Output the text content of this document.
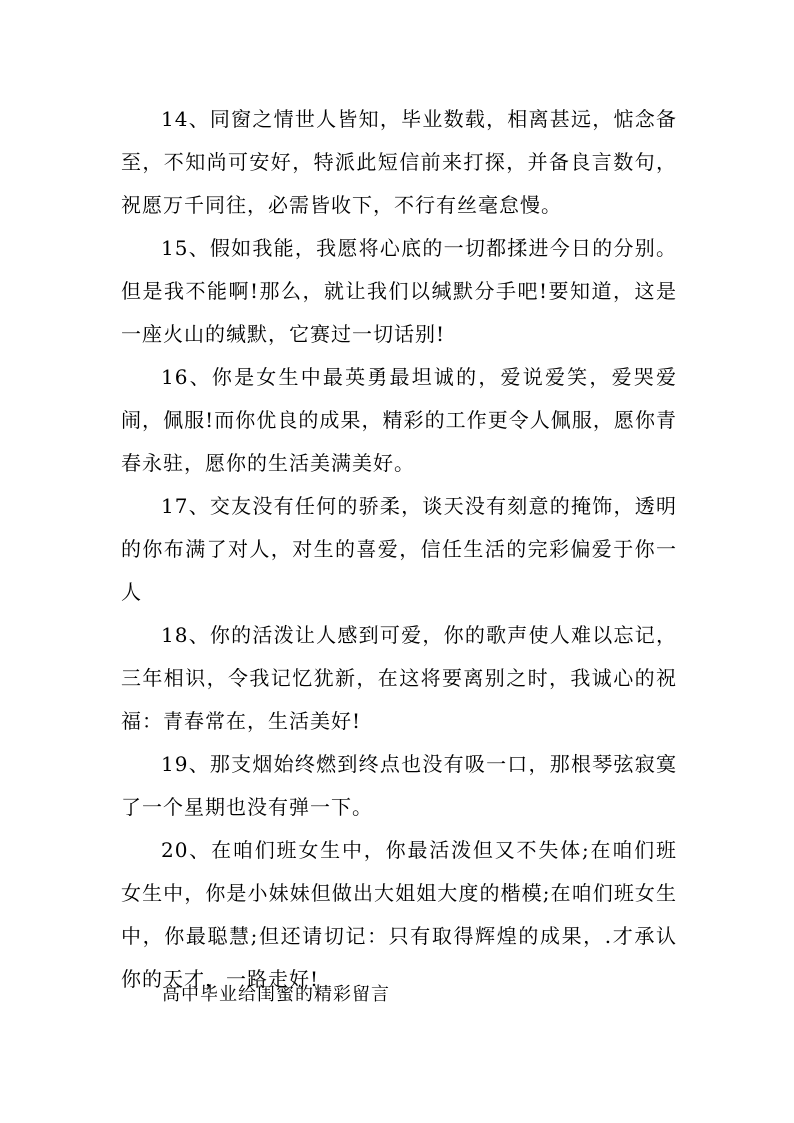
14、同窗之情世人皆知，毕业数载，相离甚远，惦念备至，不知尚可安好，特派此短信前来打探，并备良言数句，祝愿万千同往，必需皆收下，不行有丝毫怠慢。

15、假如我能，我愿将心底的一切都揉进今日的分别。但是我不能啊!那么，就让我们以缄默分手吧!要知道，这是一座火山的缄默，它赛过一切话别!

16、你是女生中最英勇最坦诚的，爱说爱笑，爱哭爱闹，佩服!而你优良的成果，精彩的工作更令人佩服，愿你青春永驻，愿你的生活美满美好。

17、交友没有任何的骄柔，谈天没有刻意的掩饰，透明的你布满了对人，对生的喜爱，信任生活的完彩偏爱于你一人

18、你的活泼让人感到可爱，你的歌声使人难以忘记，三年相识，令我记忆犹新，在这将要离别之时，我诚心的祝福：青春常在，生活美好!

19、那支烟始终燃到终点也没有吸一口，那根琴弦寂寞了一个星期也没有弹一下。

20、在咱们班女生中，你最活泼但又不失体;在咱们班女生中，你是小妹妹但做出大姐姐大度的楷模;在咱们班女生中，你最聪慧;但还请切记：只有取得辉煌的成果，.才承认你的天才，一路走好!

高中毕业给闺蜜的精彩留言
